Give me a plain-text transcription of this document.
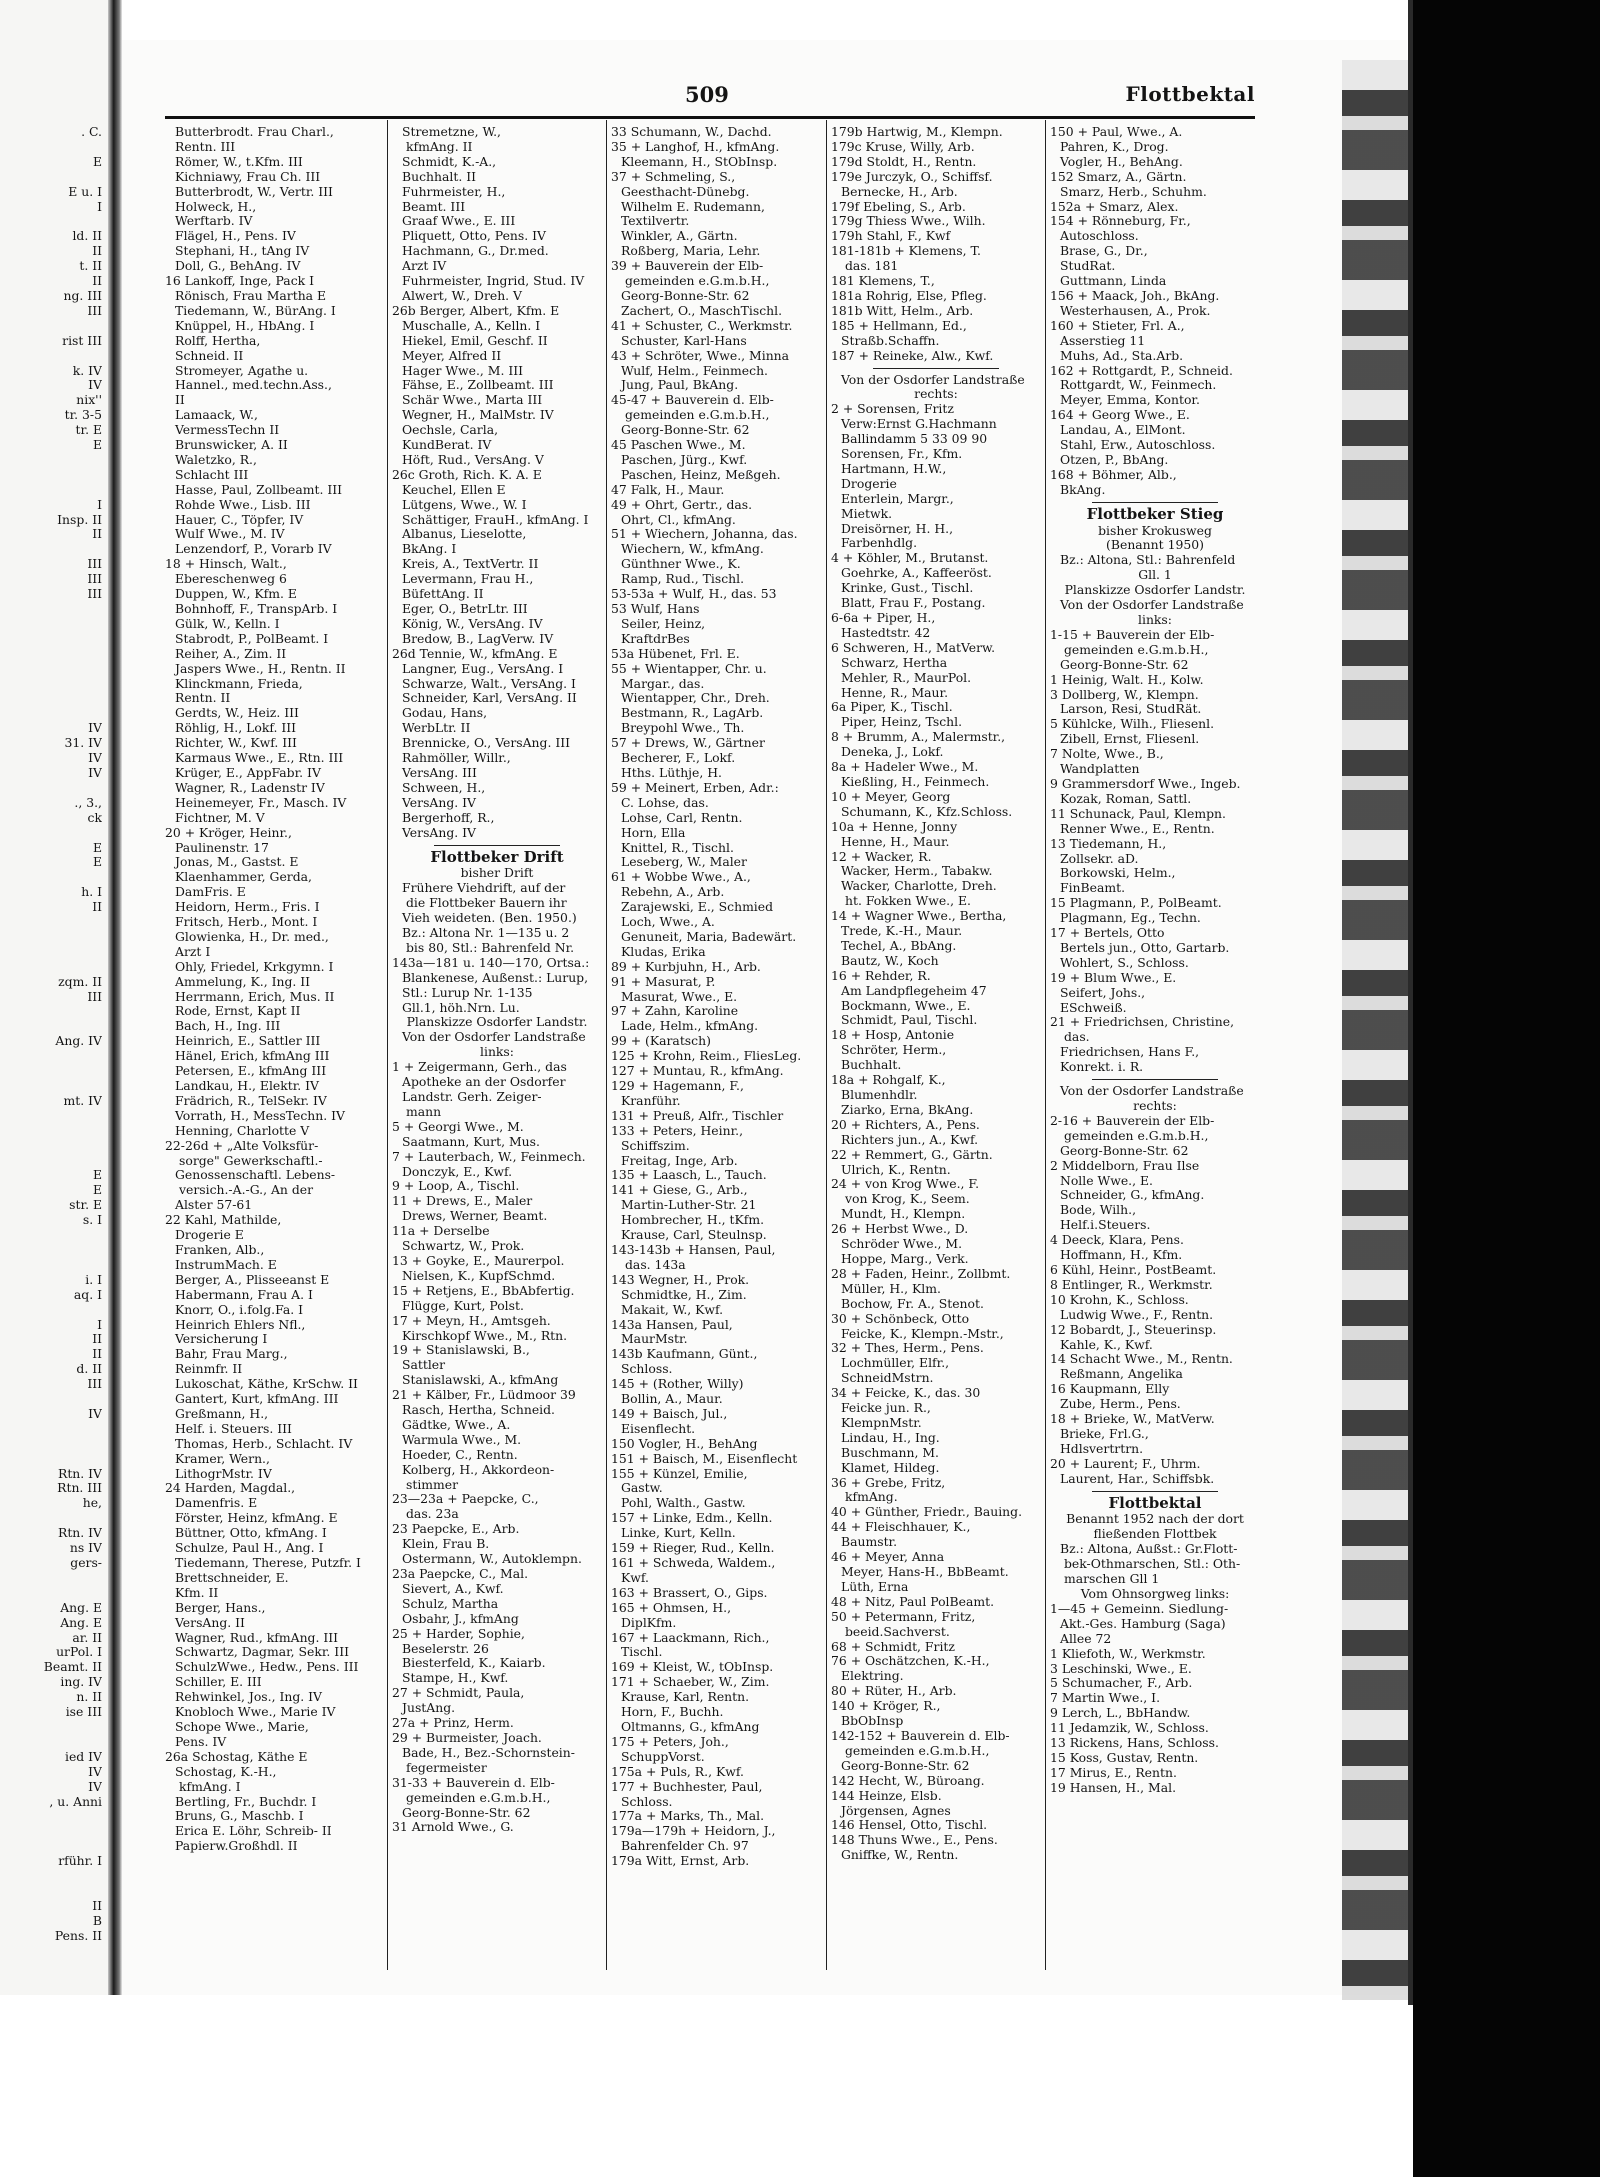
. C.

E

E u. I
I

ld. II
II
t. II
II
ng. III
III

rist III

k. IV
IV
nix''
tr. 3-5
tr. E
E

I
Insp. II
II

III
III
III

IV
31. IV
IV
IV

., 3.,
ck

E
E

h. I
II

zqm. II
III

Ang. IV

mt. IV

E
E
str. E
s. I

i. I
aq. I

I
II
II
d. II
III

IV

Rtn. IV
Rtn. III
he,

Rtn. IV
ns IV
gers-

Ang. E
Ang. E
ar. II
urPol. I
Beamt. II
ing. IV
n. II
ise III

ied IV
IV
IV
, u. Anni

rführ. I

II
B
Pens. II
509	Flottbektal
Butterbrodt. Frau Charl.,
Rentn. III
Römer, W., t.Kfm. III
Kichniawy, Frau Ch. III
Butterbrodt, W., Vertr. III
Holweck, H.,
Werftarb. IV
Flägel, H., Pens. IV
Stephani, H., tAng IV
Doll, G., BehAng. IV
16 Lankoff, Inge, Pack I
Rönisch, Frau Martha E
Tiedemann, W., BürAng. I
Knüppel, H., HbAng. I
Rolff, Hertha,
Schneid. II
Stromeyer, Agathe u.
Hannel., med.techn.Ass.,
II
Lamaack, W.,
VermessTechn II
Brunswicker, A. II
Waletzko, R.,
Schlacht III
Hasse, Paul, Zollbeamt. III
Rohde Wwe., Lisb. III
Hauer, C., Töpfer, IV
Wulf Wwe., M. IV
Lenzendorf, P., Vorarb IV
18 + Hinsch, Walt.,
Ebereschenweg 6
Duppen, W., Kfm. E
Bohnhoff, F., TranspArb. I
Gülk, W., Kelln. I
Stabrodt, P., PolBeamt. I
Reiher, A., Zim. II
Jaspers Wwe., H., Rentn. II
Klinckmann, Frieda,
Rentn. II
Gerdts, W., Heiz. III
Röhlig, H., Lokf. III
Richter, W., Kwf. III
Karmaus Wwe., E., Rtn. III
Krüger, E., AppFabr. IV
Wagner, R., Ladenstr IV
Heinemeyer, Fr., Masch. IV
Fichtner, M. V
20 + Kröger, Heinr.,
Paulinenstr. 17
Jonas, M., Gastst. E
Klaenhammer, Gerda,
DamFris. E
Heidorn, Herm., Fris. I
Fritsch, Herb., Mont. I
Glowienka, H., Dr. med.,
Arzt I
Ohly, Friedel, Krkgymn. I
Ammelung, K., Ing. II
Herrmann, Erich, Mus. II
Rode, Ernst, Kapt II
Bach, H., Ing. III
Heinrich, E., Sattler III
Hänel, Erich, kfmAng III
Petersen, E., kfmAng III
Landkau, H., Elektr. IV
Frädrich, R., TelSekr. IV
Vorrath, H., MessTechn. IV
Henning, Charlotte V
22-26d + „Alte Volksfür-
sorge" Gewerkschaftl.-
Genossenschaftl. Lebens-
versich.-A.-G., An der
Alster 57-61
22 Kahl, Mathilde,
Drogerie E
Franken, Alb.,
InstrumMach. E
Berger, A., Plisseeanst E
Habermann, Frau A. I
Knorr, O., i.folg.Fa. I
Heinrich Ehlers Nfl.,
Versicherung I
Bahr, Frau Marg.,
Reinmfr. II
Lukoschat, Käthe, KrSchw. II
Gantert, Kurt, kfmAng. III
Greßmann, H.,
Helf. i. Steuers. III
Thomas, Herb., Schlacht. IV
Kramer, Wern.,
LithogrMstr. IV
24 Harden, Magdal.,
Damenfris. E
Förster, Heinz, kfmAng. E
Büttner, Otto, kfmAng. I
Schulze, Paul H., Ang. I
Tiedemann, Therese, Putzfr. I
Brettschneider, E.
Kfm. II
Berger, Hans.,
VersAng. II
Wagner, Rud., kfmAng. III
Schwartz, Dagmar, Sekr. III
SchulzWwe., Hedw., Pens. III
Schiller, E. III
Rehwinkel, Jos., Ing. IV
Knobloch Wwe., Marie IV
Schope Wwe., Marie,
Pens. IV
26a Schostag, Käthe E
Schostag, K.-H.,
kfmAng. I
Bertling, Fr., Buchdr. I
Bruns, G., Maschb. I
Erica E. Löhr, Schreib- II
Papierw.Großhdl. II
Stremetzne, W.,
kfmAng. II
Schmidt, K.-A.,
Buchhalt. II
Fuhrmeister, H.,
Beamt. III
Graaf Wwe., E. III
Pliquett, Otto, Pens. IV
Hachmann, G., Dr.med.
Arzt IV
Fuhrmeister, Ingrid, Stud. IV
Alwert, W., Dreh. V
26b Berger, Albert, Kfm. E
Muschalle, A., Kelln. I
Hiekel, Emil, Geschf. II
Meyer, Alfred II
Hager Wwe., M. III
Fähse, E., Zollbeamt. III
Schär Wwe., Marta III
Wegner, H., MalMstr. IV
Oechsle, Carla,
KundBerat. IV
Höft, Rud., VersAng. V
26c Groth, Rich. K. A. E
Keuchel, Ellen E
Lütgens, Wwe., W. I
Schättiger, FrauH., kfmAng. I
Albanus, Lieselotte,
BkAng. I
Kreis, A., TextVertr. II
Levermann, Frau H.,
BüfettAng. II
Eger, O., BetrLtr. III
König, W., VersAng. IV
Bredow, B., LagVerw. IV
26d Tennie, W., kfmAng. E
Langner, Eug., VersAng. I
Schwarze, Walt., VersAng. I
Schneider, Karl, VersAng. II
Godau, Hans,
WerbLtr. II
Brennicke, O., VersAng. III
Rahmöller, Willr.,
VersAng. III
Schween, H.,
VersAng. IV
Bergerhoff, R.,
VersAng. IV
Flottbeker Drift
bisher Drift
Frühere Viehdrift, auf der
die Flottbeker Bauern ihr
Vieh weideten. (Ben. 1950.)
Bz.: Altona Nr. 1—135 u. 2
bis 80, Stl.: Bahrenfeld Nr.
143a—181 u. 140—170, Ortsa.:
Blankenese, Außenst.: Lurup,
Stl.: Lurup Nr. 1-135
Gll.1, höh.Nrn. Lu.
Planskizze Osdorfer Landstr.
Von der Osdorfer Landstraße
links:
1 + Zeigermann, Gerh., das
Apotheke an der Osdorfer
Landstr. Gerh. Zeiger-
mann
5 + Georgi Wwe., M.
Saatmann, Kurt, Mus.
7 + Lauterbach, W., Feinmech.
Donczyk, E., Kwf.
9 + Loop, A., Tischl.
11 + Drews, E., Maler
Drews, Werner, Beamt.
11a + Derselbe
Schwartz, W., Prok.
13 + Goyke, E., Maurerpol.
Nielsen, K., KupfSchmd.
15 + Retjens, E., BbAbfertig.
Flügge, Kurt, Polst.
17 + Meyn, H., Amtsgeh.
Kirschkopf Wwe., M., Rtn.
19 + Stanislawski, B.,
Sattler
Stanislawski, A., kfmAng
21 + Kälber, Fr., Lüdmoor 39
Rasch, Hertha, Schneid.
Gädtke, Wwe., A.
Warmula Wwe., M.
Hoeder, C., Rentn.
Kolberg, H., Akkordeon-
stimmer
23—23a + Paepcke, C.,
das. 23a
23 Paepcke, E., Arb.
Klein, Frau B.
Ostermann, W., Autoklempn.
23a Paepcke, C., Mal.
Sievert, A., Kwf.
Schulz, Martha
Osbahr, J., kfmAng
25 + Harder, Sophie,
Beselerstr. 26
Biesterfeld, K., Kaiarb.
Stampe, H., Kwf.
27 + Schmidt, Paula,
JustAng.
27a + Prinz, Herm.
29 + Burmeister, Joach.
Bade, H., Bez.-Schornstein-
fegermeister
31-33 + Bauverein d. Elb-
gemeinden e.G.m.b.H.,
Georg-Bonne-Str. 62
31 Arnold Wwe., G.
33 Schumann, W., Dachd.
35 + Langhof, H., kfmAng.
Kleemann, H., StObInsp.
37 + Schmeling, S.,
Geesthacht-Dünebg.
Wilhelm E. Rudemann,
Textilvertr.
Winkler, A., Gärtn.
Roßberg, Maria, Lehr.
39 + Bauverein der Elb-
gemeinden e.G.m.b.H.,
Georg-Bonne-Str. 62
Zachert, O., MaschTischl.
41 + Schuster, C., Werkmstr.
Schuster, Karl-Hans
43 + Schröter, Wwe., Minna
Wulf, Helm., Feinmech.
Jung, Paul, BkAng.
45-47 + Bauverein d. Elb-
gemeinden e.G.m.b.H.,
Georg-Bonne-Str. 62
45 Paschen Wwe., M.
Paschen, Jürg., Kwf.
Paschen, Heinz, Meßgeh.
47 Falk, H., Maur.
49 + Ohrt, Gertr., das.
Ohrt, Cl., kfmAng.
51 + Wiechern, Johanna, das.
Wiechern, W., kfmAng.
Günthner Wwe., K.
Ramp, Rud., Tischl.
53-53a + Wulf, H., das. 53
53 Wulf, Hans
Seiler, Heinz,
KraftdrBes
53a Hübenet, Frl. E.
55 + Wientapper, Chr. u.
Margar., das.
Wientapper, Chr., Dreh.
Bestmann, R., LagArb.
Breypohl Wwe., Th.
57 + Drews, W., Gärtner
Becherer, F., Lokf.
Hths. Lüthje, H.
59 + Meinert, Erben, Adr.:
C. Lohse, das.
Lohse, Carl, Rentn.
Horn, Ella
Knittel, R., Tischl.
Leseberg, W., Maler
61 + Wobbe Wwe., A.,
Rebehn, A., Arb.
Zarajewski, E., Schmied
Loch, Wwe., A.
Genuneit, Maria, Badewärt.
Kludas, Erika
89 + Kurbjuhn, H., Arb.
91 + Masurat, P.
Masurat, Wwe., E.
97 + Zahn, Karoline
Lade, Helm., kfmAng.
99 + (Karatsch)
125 + Krohn, Reim., FliesLeg.
127 + Muntau, R., kfmAng.
129 + Hagemann, F.,
Kranführ.
131 + Preuß, Alfr., Tischler
133 + Peters, Heinr.,
Schiffszim.
Freitag, Inge, Arb.
135 + Laasch, L., Tauch.
141 + Giese, G., Arb.,
Martin-Luther-Str. 21
Hombrecher, H., tKfm.
Krause, Carl, Steulnsp.
143-143b + Hansen, Paul,
das. 143a
143 Wegner, H., Prok.
Schmidtke, H., Zim.
Makait, W., Kwf.
143a Hansen, Paul,
MaurMstr.
143b Kaufmann, Günt.,
Schloss.
145 + (Rother, Willy)
Bollin, A., Maur.
149 + Baisch, Jul.,
Eisenflecht.
150 Vogler, H., BehAng
151 + Baisch, M., Eisenflecht
155 + Künzel, Emilie,
Gastw.
Pohl, Walth., Gastw.
157 + Linke, Edm., Kelln.
Linke, Kurt, Kelln.
159 + Rieger, Rud., Kelln.
161 + Schweda, Waldem.,
Kwf.
163 + Brassert, O., Gips.
165 + Ohmsen, H.,
DiplKfm.
167 + Laackmann, Rich.,
Tischl.
169 + Kleist, W., tObInsp.
171 + Schaeber, W., Zim.
Krause, Karl, Rentn.
Horn, F., Buchh.
Oltmanns, G., kfmAng
175 + Peters, Joh.,
SchuppVorst.
175a + Puls, R., Kwf.
177 + Buchhester, Paul,
Schloss.
177a + Marks, Th., Mal.
179a—179h + Heidorn, J.,
Bahrenfelder Ch. 97
179a Witt, Ernst, Arb.
179b Hartwig, M., Klempn.
179c Kruse, Willy, Arb.
179d Stoldt, H., Rentn.
179e Jurczyk, O., Schiffsf.
Bernecke, H., Arb.
179f Ebeling, S., Arb.
179g Thiess Wwe., Wilh.
179h Stahl, F., Kwf
181-181b + Klemens, T.
das. 181
181 Klemens, T.,
181a Rohrig, Else, Pfleg.
181b Witt, Helm., Arb.
185 + Hellmann, Ed.,
Straßb.Schaffn.
187 + Reineke, Alw., Kwf.
Von der Osdorfer Landstraße
rechts:
2 + Sorensen, Fritz
Verw:Ernst G.Hachmann
Ballindamm 5 33 09 90
Sorensen, Fr., Kfm.
Hartmann, H.W.,
Drogerie
Enterlein, Margr.,
Mietwk.
Dreisörner, H. H.,
Farbenhdlg.
4 + Köhler, M., Brutanst.
Goehrke, A., Kaffeeröst.
Krinke, Gust., Tischl.
Blatt, Frau F., Postang.
6-6a + Piper, H.,
Hastedtstr. 42
6 Schweren, H., MatVerw.
Schwarz, Hertha
Mehler, R., MaurPol.
Henne, R., Maur.
6a Piper, K., Tischl.
Piper, Heinz, Tschl.
8 + Brumm, A., Malermstr.,
Deneka, J., Lokf.
8a + Hadeler Wwe., M.
Kießling, H., Feinmech.
10 + Meyer, Georg
Schumann, K., Kfz.Schloss.
10a + Henne, Jonny
Henne, H., Maur.
12 + Wacker, R.
Wacker, Herm., Tabakw.
Wacker, Charlotte, Dreh.
ht. Fokken Wwe., E.
14 + Wagner Wwe., Bertha,
Trede, K.-H., Maur.
Techel, A., BbAng.
Bautz, W., Koch
16 + Rehder, R.
Am Landpflegeheim 47
Bockmann, Wwe., E.
Schmidt, Paul, Tischl.
18 + Hosp, Antonie
Schröter, Herm.,
Buchhalt.
18a + Rohgalf, K.,
Blumenhdlr.
Ziarko, Erna, BkAng.
20 + Richters, A., Pens.
Richters jun., A., Kwf.
22 + Remmert, G., Gärtn.
Ulrich, K., Rentn.
24 + von Krog Wwe., F.
von Krog, K., Seem.
Mundt, H., Klempn.
26 + Herbst Wwe., D.
Schröder Wwe., M.
Hoppe, Marg., Verk.
28 + Faden, Heinr., Zollbmt.
Müller, H., Klm.
Bochow, Fr. A., Stenot.
30 + Schönbeck, Otto
Feicke, K., Klempn.-Mstr.,
32 + Thes, Herm., Pens.
Lochmüller, Elfr.,
SchneidMstrn.
34 + Feicke, K., das. 30
Feicke jun. R.,
KlempnMstr.
Lindau, H., Ing.
Buschmann, M.
Klamet, Hildeg.
36 + Grebe, Fritz,
kfmAng.
40 + Günther, Friedr., Bauing.
44 + Fleischhauer, K.,
Baumstr.
46 + Meyer, Anna
Meyer, Hans-H., BbBeamt.
Lüth, Erna
48 + Nitz, Paul PolBeamt.
50 + Petermann, Fritz,
beeid.Sachverst.
68 + Schmidt, Fritz
76 + Oschätzchen, K.-H.,
Elektring.
80 + Rüter, H., Arb.
140 + Kröger, R.,
BbObInsp
142-152 + Bauverein d. Elb-
gemeinden e.G.m.b.H.,
Georg-Bonne-Str. 62
142 Hecht, W., Büroang.
144 Heinze, Elsb.
Jörgensen, Agnes
146 Hensel, Otto, Tischl.
148 Thuns Wwe., E., Pens.
Gniffke, W., Rentn.
150 + Paul, Wwe., A.
Pahren, K., Drog.
Vogler, H., BehAng.
152 Smarz, A., Gärtn.
Smarz, Herb., Schuhm.
152a + Smarz, Alex.
154 + Rönneburg, Fr.,
Autoschloss.
Brase, G., Dr.,
StudRat.
Guttmann, Linda
156 + Maack, Joh., BkAng.
Westerhausen, A., Prok.
160 + Stieter, Frl. A.,
Asserstieg 11
Muhs, Ad., Sta.Arb.
162 + Rottgardt, P., Schneid.
Rottgardt, W., Feinmech.
Meyer, Emma, Kontor.
164 + Georg Wwe., E.
Landau, A., ElMont.
Stahl, Erw., Autoschloss.
Otzen, P., BbAng.
168 + Böhmer, Alb.,
BkAng.
Flottbeker Stieg
bisher Krokusweg
(Benannt 1950)
Bz.: Altona, Stl.: Bahrenfeld
Gll. 1
Planskizze Osdorfer Landstr.
Von der Osdorfer Landstraße
links:
1-15 + Bauverein der Elb-
gemeinden e.G.m.b.H.,
Georg-Bonne-Str. 62
1 Heinig, Walt. H., Kolw.
3 Dollberg, W., Klempn.
Larson, Resi, StudRät.
5 Kühlcke, Wilh., Fliesenl.
Zibell, Ernst, Fliesenl.
7 Nolte, Wwe., B.,
Wandplatten
9 Grammersdorf Wwe., Ingeb.
Kozak, Roman, Sattl.
11 Schunack, Paul, Klempn.
Renner Wwe., E., Rentn.
13 Tiedemann, H.,
Zollsekr. aD.
Borkowski, Helm.,
FinBeamt.
15 Plagmann, P., PolBeamt.
Plagmann, Eg., Techn.
17 + Bertels, Otto
Bertels jun., Otto, Gartarb.
Wohlert, S., Schloss.
19 + Blum Wwe., E.
Seifert, Johs.,
ESchweiß.
21 + Friedrichsen, Christine,
das.
Friedrichsen, Hans F.,
Konrekt. i. R.
Von der Osdorfer Landstraße
rechts:
2-16 + Bauverein der Elb-
gemeinden e.G.m.b.H.,
Georg-Bonne-Str. 62
2 Middelborn, Frau Ilse
Nolle Wwe., E.
Schneider, G., kfmAng.
Bode, Wilh.,
Helf.i.Steuers.
4 Deeck, Klara, Pens.
Hoffmann, H., Kfm.
6 Kühl, Heinr., PostBeamt.
8 Entlinger, R., Werkmstr.
10 Krohn, K., Schloss.
Ludwig Wwe., F., Rentn.
12 Bobardt, J., Steuerinsp.
Kahle, K., Kwf.
14 Schacht Wwe., M., Rentn.
Reßmann, Angelika
16 Kaupmann, Elly
Zube, Herm., Pens.
18 + Brieke, W., MatVerw.
Brieke, Frl.G.,
Hdlsvertrtrn.
20 + Laurent; F., Uhrm.
Laurent, Har., Schiffsbk.
Flottbektal
Benannt 1952 nach der dort
fließenden Flottbek
Bz.: Altona, Außst.: Gr.Flott-
bek-Othmarschen, Stl.: Oth-
marschen Gll 1
Vom Ohnsorgweg links:
1—45 + Gemeinn. Siedlung-
Akt.-Ges. Hamburg (Saga)
Allee 72
1 Kliefoth, W., Werkmstr.
3 Leschinski, Wwe., E.
5 Schumacher, F., Arb.
7 Martin Wwe., I.
9 Lerch, L., BbHandw.
11 Jedamzik, W., Schloss.
13 Rickens, Hans, Schloss.
15 Koss, Gustav, Rentn.
17 Mirus, E., Rentn.
19 Hansen, H., Mal.
